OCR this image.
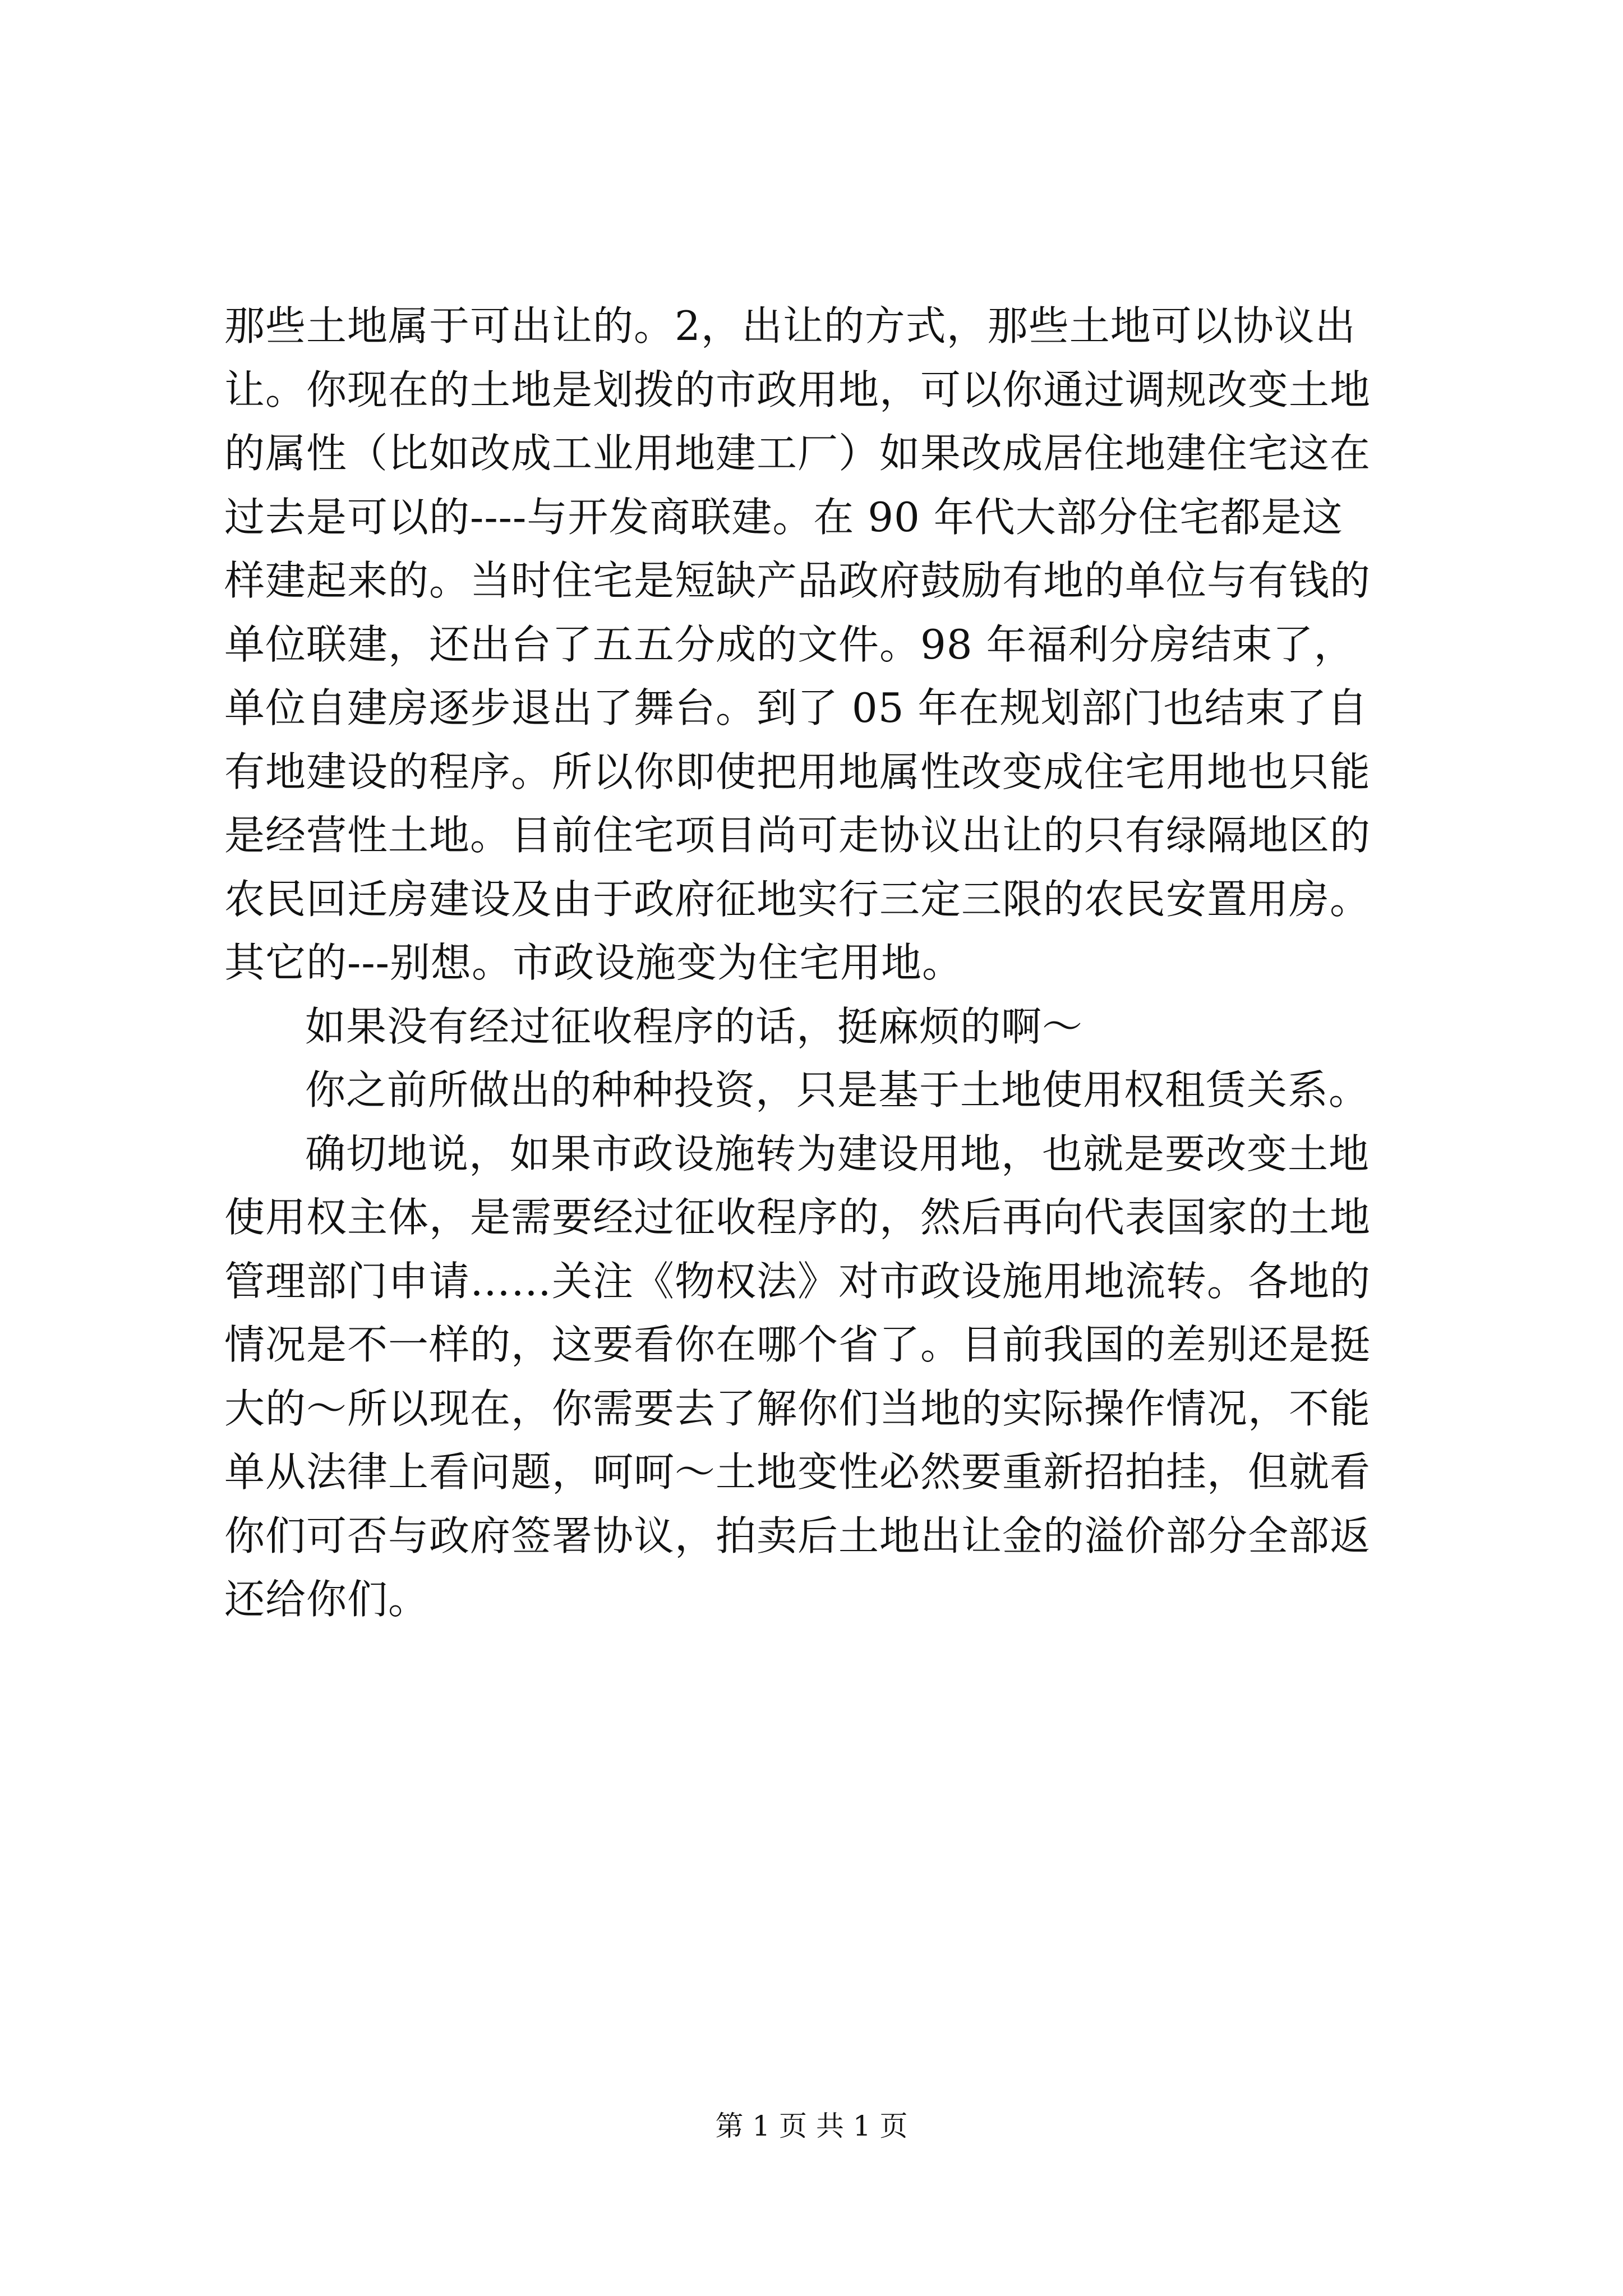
那些土地属于可出让的。2，出让的方式，那些土地可以协议出
让。你现在的土地是划拨的市政用地，可以你通过调规改变土地
的属性（比如改成工业用地建工厂）如果改成居住地建住宅这在
过去是可以的----与开发商联建。在 90 年代大部分住宅都是这
样建起来的。当时住宅是短缺产品政府鼓励有地的单位与有钱的
单位联建，还出台了五五分成的文件。98 年福利分房结束了，
单位自建房逐步退出了舞台。到了 05 年在规划部门也结束了自
有地建设的程序。所以你即使把用地属性改变成住宅用地也只能
是经营性土地。目前住宅项目尚可走协议出让的只有绿隔地区的
农民回迁房建设及由于政府征地实行三定三限的农民安置用房。
其它的---别想。市政设施变为住宅用地。
如果没有经过征收程序的话，挺麻烦的啊～
你之前所做出的种种投资，只是基于土地使用权租赁关系。
确切地说，如果市政设施转为建设用地，也就是要改变土地
使用权主体，是需要经过征收程序的，然后再向代表国家的土地
管理部门申请……关注《物权法》对市政设施用地流转。各地的
情况是不一样的，这要看你在哪个省了。目前我国的差别还是挺
大的～所以现在，你需要去了解你们当地的实际操作情况，不能
单从法律上看问题，呵呵～土地变性必然要重新招拍挂，但就看
你们可否与政府签署协议，拍卖后土地出让金的溢价部分全部返
还给你们。
第 1 页 共 1 页
